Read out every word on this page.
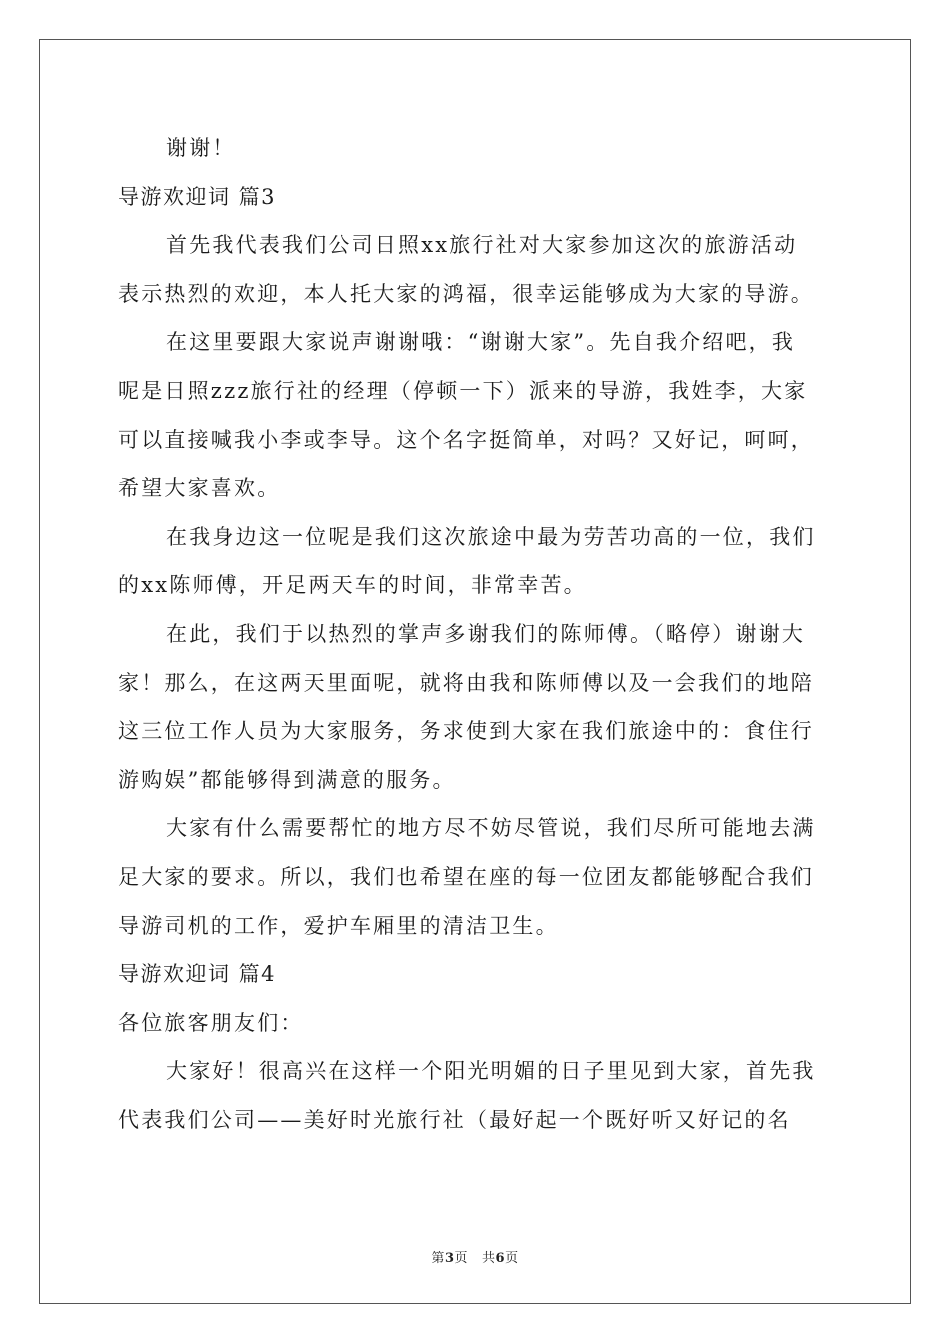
谢谢！
导游欢迎词 篇3
首先我代表我们公司日照xx旅行社对大家参加这次的旅游活动
表示热烈的欢迎，本人托大家的鸿福，很幸运能够成为大家的导游。
在这里要跟大家说声谢谢哦：“谢谢大家”。先自我介绍吧，我
呢是日照zzz旅行社的经理（停顿一下）派来的导游，我姓李，大家
可以直接喊我小李或李导。这个名字挺简单，对吗？又好记，呵呵，
希望大家喜欢。
在我身边这一位呢是我们这次旅途中最为劳苦功高的一位，我们
的xx陈师傅，开足两天车的时间，非常幸苦。
在此，我们于以热烈的掌声多谢我们的陈师傅。（略停）谢谢大
家！那么，在这两天里面呢，就将由我和陈师傅以及一会我们的地陪
这三位工作人员为大家服务，务求使到大家在我们旅途中的：食住行
游购娱”都能够得到满意的服务。
大家有什么需要帮忙的地方尽不妨尽管说，我们尽所可能地去满
足大家的要求。所以，我们也希望在座的每一位团友都能够配合我们
导游司机的工作，爱护车厢里的清洁卫生。
导游欢迎词 篇4
各位旅客朋友们：
大家好！很高兴在这样一个阳光明媚的日子里见到大家，首先我
代表我们公司——美好时光旅行社（最好起一个既好听又好记的名
第3页 共6页
